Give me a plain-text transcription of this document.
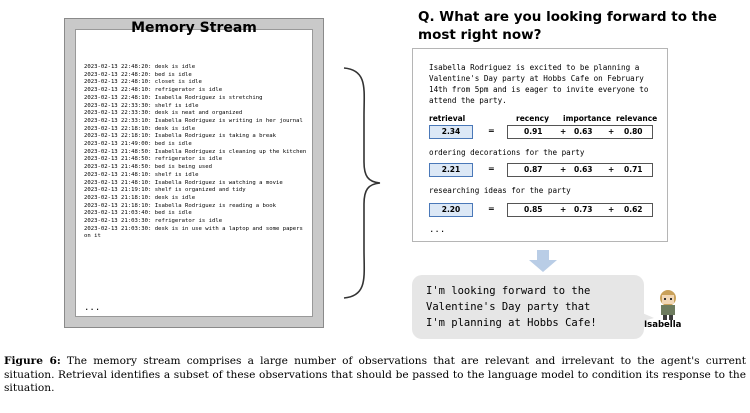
Memory Stream
2023-02-13 22:48:20: desk is idle
2023-02-13 22:48:20: bed is idle
2023-02-13 22:48:10: closet is idle
2023-02-13 22:48:10: refrigerator is idle
2023-02-13 22:48:10: Isabella Rodriguez is stretching
2023-02-13 22:33:30: shelf is idle
2023-02-13 22:33:30: desk is neat and organized
2023-02-13 22:33:10: Isabella Rodriguez is writing in her journal
2023-02-13 22:18:10: desk is idle
2023-02-13 22:18:10: Isabella Rodriguez is taking a break
2023-02-13 21:49:00: bed is idle
2023-02-13 21:48:50: Isabella Rodriguez is cleaning up the kitchen
2023-02-13 21:48:50: refrigerator is idle
2023-02-13 21:48:50: bed is being used
2023-02-13 21:48:10: shelf is idle
2023-02-13 21:48:10: Isabella Rodriguez is watching a movie
2023-02-13 21:19:10: shelf is organized and tidy
2023-02-13 21:18:10: desk is idle
2023-02-13 21:18:10: Isabella Rodriguez is reading a book
2023-02-13 21:03:40: bed is idle
2023-02-13 21:03:30: refrigerator is idle
2023-02-13 21:03:30: desk is in use with a laptop and some papers on it
...
Q. What are you looking forward to the most right now?

Isabella Rodriguez is excited to be planning a Valentine's Day party at Hobbs Cafe on February 14th from 5pm and is eager to invite everyone to attend the party.

retrieval	recency importance relevance
2.34	=	0.91 + 0.63 + 0.80
ordering decorations for the party
2.21	=	0.87 + 0.63 + 0.71
researching ideas for the party
2.20	=	0.85 + 0.73 + 0.62
...

I'm looking forward to the
Valentine's Day party that
I'm planning at Hobbs Cafe!	Isabella

Figure 6: The memory stream comprises a large number of observations that are relevant and irrelevant to the agent's current situation. Retrieval identifies a subset of these observations that should be passed to the language model to condition its response to the situation.
